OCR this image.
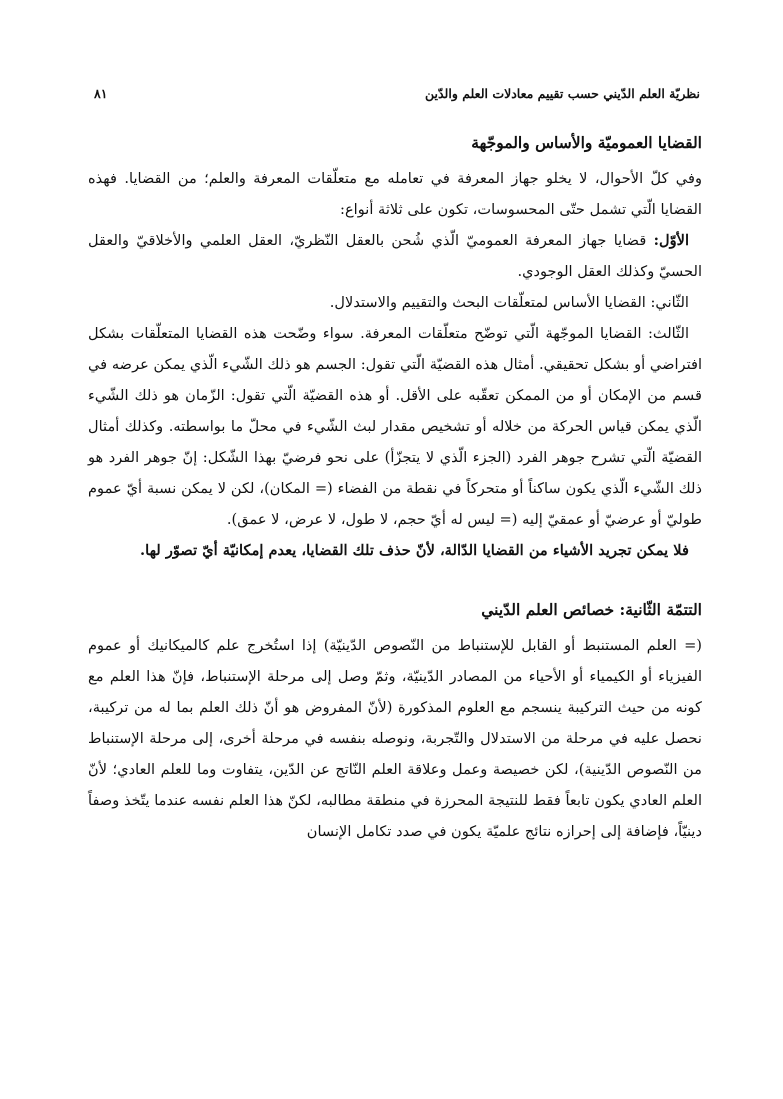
نظريّة العلم الدّيني حسب تقييم معادلات العلم والدّين
٨١
القضايا العموميّة والأساس والموجّهة

وفي كلّ الأحوال، لا يخلو جهاز المعرفة في تعامله مع متعلّقات المعرفة والعلم؛ من القضايا. فهذه القضايا الّتي تشمل حتّى المحسوسات، تكون على ثلاثة أنواع:

الأوّل: قضايا جهاز المعرفة العموميّ الّذي شُحن بالعقل النّظريّ، العقل العلمي والأخلاقيّ والعقل الحسيّ وكذلك العقل الوجودي.

الثّاني: القضايا الأساس لمتعلّقات البحث والتقييم والاستدلال.

الثّالث: القضايا الموجّهة الّتي توضّح متعلّقات المعرفة. سواء وضّحت هذه القضايا المتعلّقات بشكل افتراضي أو بشكل تحقيقي. أمثال هذه القضيّة الّتي تقول: الجسم هو ذلك الشّيء الّذي يمكن عرضه في قسم من الإمكان أو من الممكن تعقّبه على الأقل. أو هذه القضيّة الّتي تقول: الزّمان هو ذلك الشّيء الّذي يمكن قياس الحركة من خلاله أو تشخيص مقدار لبث الشّيء في محلّ ما بواسطته. وكذلك أمثال القضيّة الّتي تشرح جوهر الفرد (الجزء الّذي لا يتجزّأ) على نحو فرضيّ بهذا الشّكل: إنّ جوهر الفرد هو ذلك الشّيء الّذي يكون ساكناً أو متحركاً في نقطة من الفضاء (= المكان)، لكن لا يمكن نسبة أيّ عموم طوليّ أو عرضيّ أو عمقيّ إليه (= ليس له أيّ حجم، لا طول، لا عرض، لا عمق).

فلا يمكن تجريد الأشياء من القضايا الدّالة، لأنّ حذف تلك القضايا، يعدم إمكانيّة أيّ تصوّر لها.

التتمّة الثّانية: خصائص العلم الدّيني

(= العلم المستنبط أو القابل للإستنباط من النّصوص الدّينيّة) إذا استُخرج علم كالميكانيك أو عموم الفيزياء أو الكيمياء أو الأحياء من المصادر الدّينيّة، وثمّ وصل إلى مرحلة الإستنباط، فإنّ هذا العلم مع كونه من حيث التركيبة ينسجم مع العلوم المذكورة (لأنّ المفروض هو أنّ ذلك العلم بما له من تركيبة، نحصل عليه في مرحلة من الاستدلال والتّجربة، ونوصله بنفسه في مرحلة أخرى، إلى مرحلة الإستنباط من النّصوص الدّينية)، لكن خصيصة وعمل وعلاقة العلم النّاتج عن الدّين، يتفاوت وما للعلم العادي؛ لأنّ العلم العادي يكون تابعاً فقط للنتيجة المحرزة في منطقة مطالبه، لكنّ هذا العلم نفسه عندما يتّخذ وصفاً دينيّاً، فإضافة إلى إحرازه نتائج علميّة يكون في صدد تكامل الإنسان
